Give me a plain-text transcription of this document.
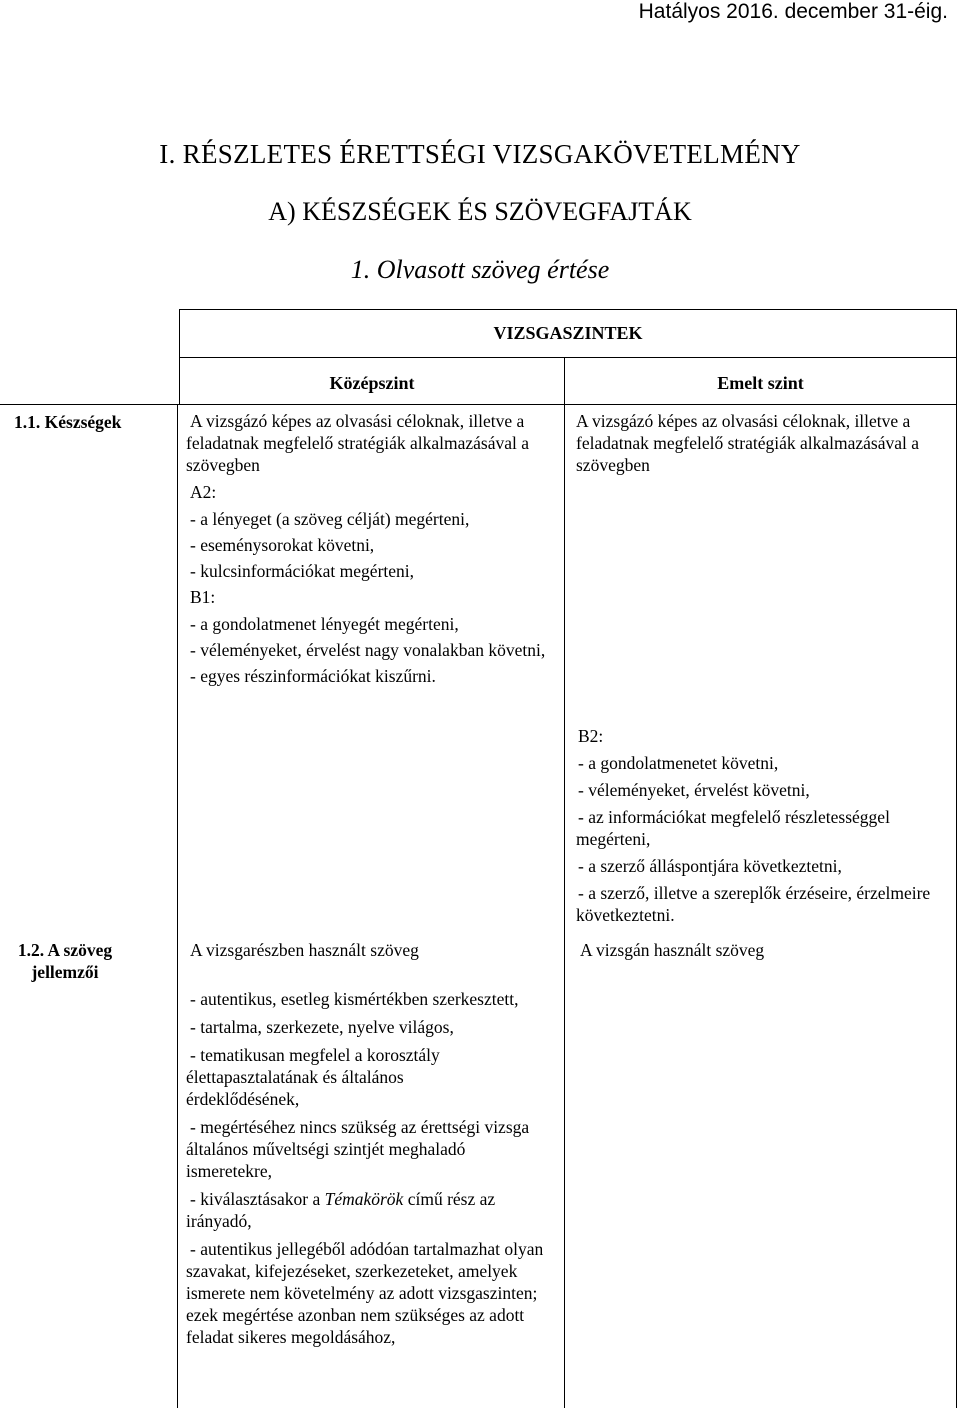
Hatályos 2016. december 31-éig.
I. RÉSZLETES ÉRETTSÉGI VIZSGAKÖVETELMÉNY
A) KÉSZSÉGEK ÉS SZÖVEGFAJTÁK
1. Olvasott szöveg értése
VIZSGASZINTEK
Középszint	Emelt szint
1.1. Készségek	A vizsgázó képes az olvasási céloknak, illetve a feladatnak megfelelő stratégiák alkalmazásával a szövegben

A2:

- a lényeget (a szöveg célját) megérteni,

- eseménysorokat követni,

- kulcsinformációkat megérteni,

B1:

- a gondolatmenet lényegét megérteni,

- véleményeket, érvelést nagy vonalakban követni,

- egyes részinformációkat kiszűrni.

A vizsgázó képes az olvasási céloknak, illetve a feladatnak megfelelő stratégiák alkalmazásával a szövegben

B2:

- a gondolatmenetet követni,

- véleményeket, érvelést követni,

- az információkat megfelelő részletességgel megérteni,

- a szerző álláspontjára következtetni,

- a szerző, illetve a szereplők érzéseire, érzelmeire következtetni.

1.2. A szöveg

jellemzői

A vizsgarészben használt szöveg

- autentikus, esetleg kismértékben szerkesztett,

- tartalma, szerkezete, nyelve világos,

- tematikusan megfelel a korosztály élettapasztalatának és általános érdeklődésének,

- megértéséhez nincs szükség az érettségi vizsga általános műveltségi szintjét meghaladó ismeretekre,

- kiválasztásakor a Témakörök című rész az irányadó,

- autentikus jellegéből adódóan tartalmazhat olyan szavakat, kifejezéseket, szerkezeteket, amelyek ismerete nem követelmény az adott vizsgaszinten; ezek megértése azonban nem szükséges az adott feladat sikeres megoldásához,

A vizsgán használt szöveg
